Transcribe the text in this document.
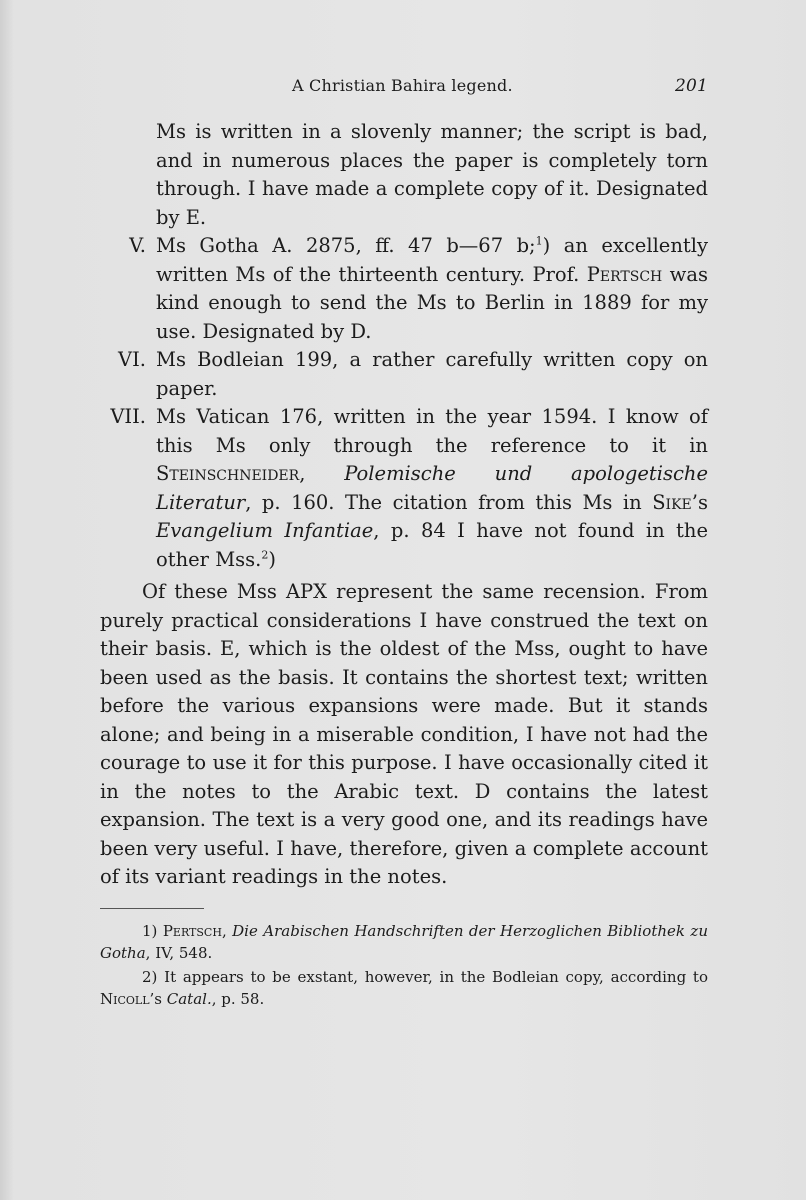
A Christian Bahira legend.	201

Ms is written in a slovenly manner; the script is bad, and in numerous places the paper is completely torn through. I have made a complete copy of it. Designated by E.

V. Ms Gotha A. 2875, ff. 47 b—67 b;$^1$) an excellently written Ms of the thirteenth century. Prof. Pertsch was kind enough to send the Ms to Berlin in 1889 for my use. Designated by D.

VI. Ms Bodleian 199, a rather carefully written copy on paper.

VII. Ms Vatican 176, written in the year 1594. I know of this Ms only through the reference to it in Steinschneider, Polemische und apologetische Literatur, p. 160. The citation from this Ms in Sike’s Evangelium Infantiae, p. 84 I have not found in the other Mss.$^2$)

Of these Mss APX represent the same recension. From purely practical considerations I have construed the text on their basis. E, which is the oldest of the Mss, ought to have been used as the basis. It contains the shortest text; written before the various expansions were made. But it stands alone; and being in a miserable condition, I have not had the courage to use it for this purpose. I have occasionally cited it in the notes to the Arabic text. D contains the latest expansion. The text is a very good one, and its readings have been very useful. I have, therefore, given a complete account of its variant readings in the notes.

1) Pertsch, Die Arabischen Handschriften der Herzoglichen Bibliothek zu Gotha, IV, 548.

2) It appears to be exstant, however, in the Bodleian copy, according to Nicoll’s Catal., p. 58.
